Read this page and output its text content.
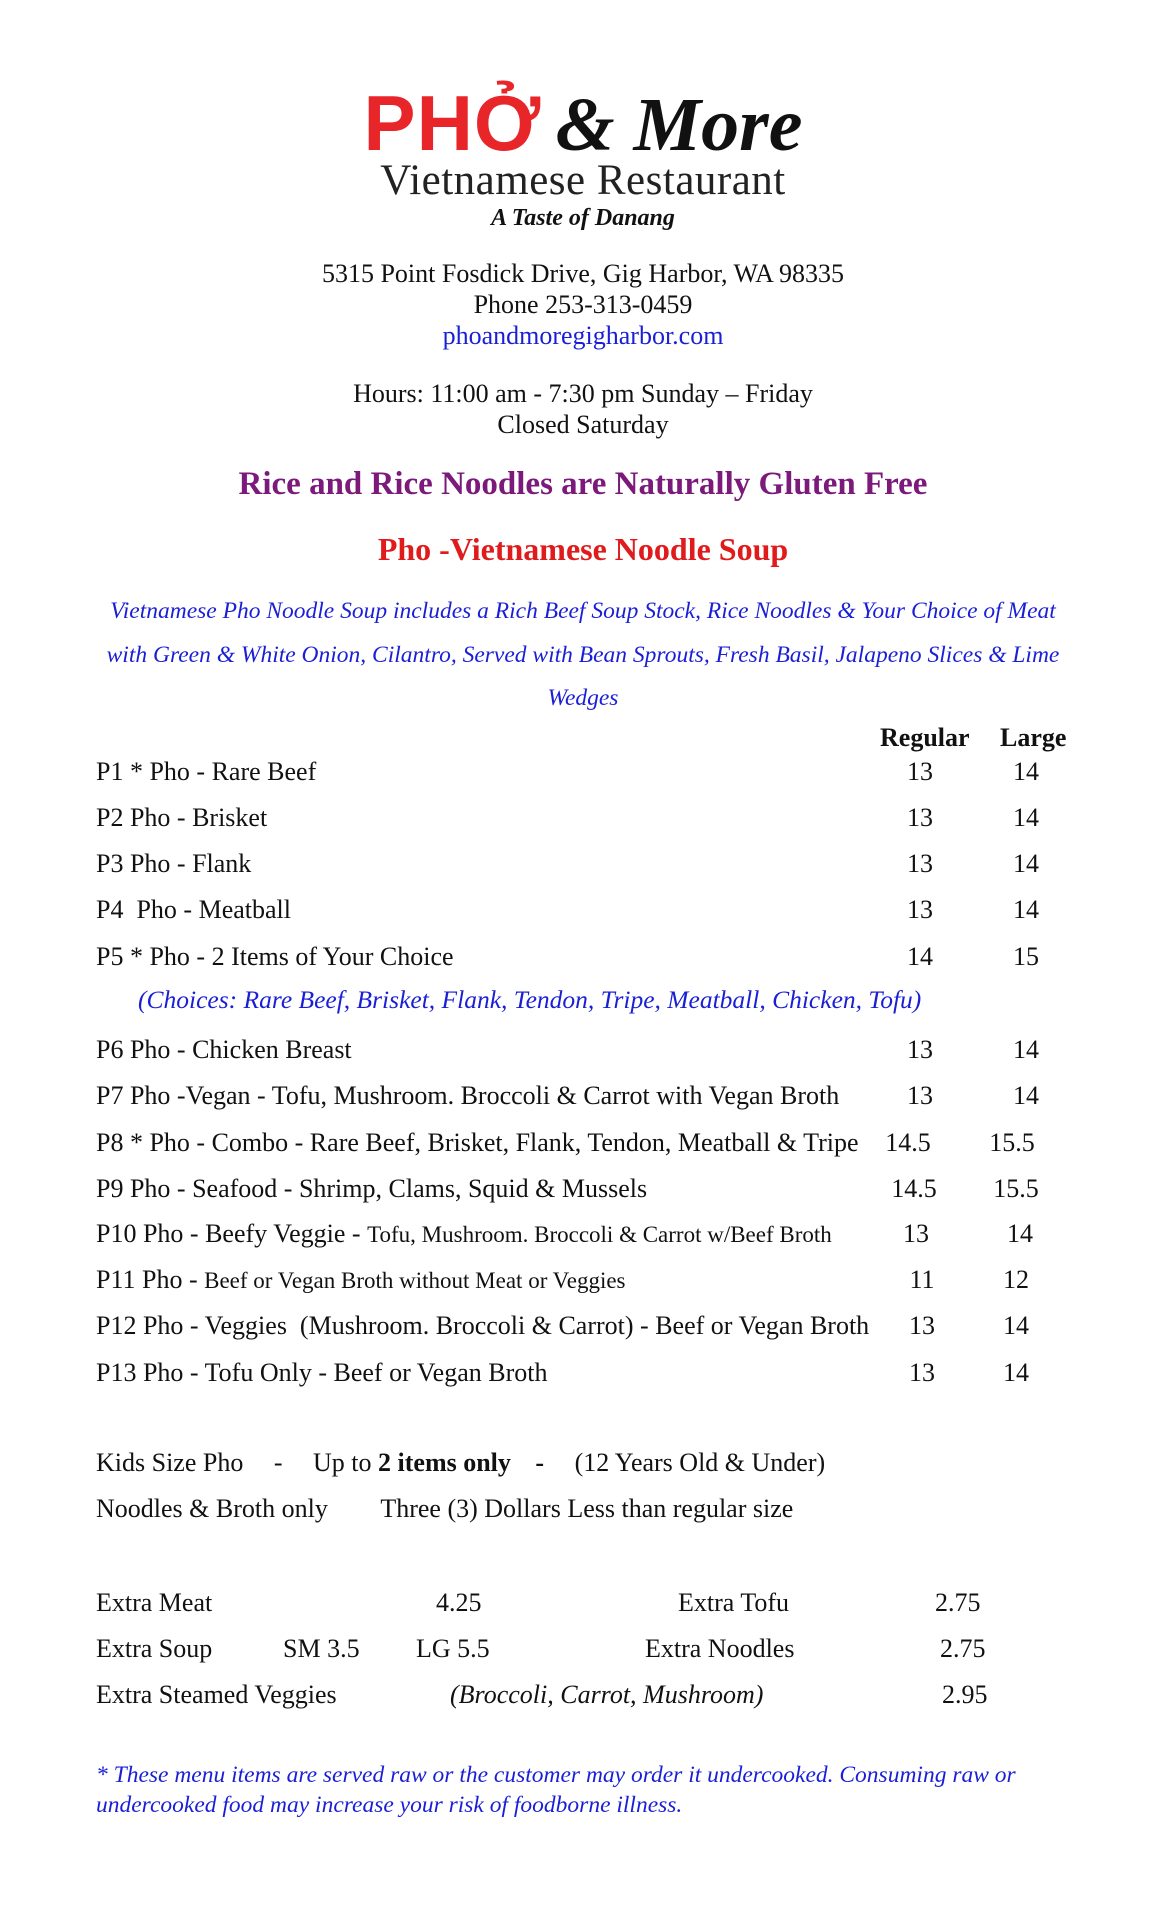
PHỞ & More
Vietnamese Restaurant
A Taste of Danang
5315 Point Fosdick Drive, Gig Harbor, WA 98335
Phone 253-313-0459
phoandmoregigharbor.com
Hours: 11:00 am - 7:30 pm Sunday – Friday
Closed Saturday
Rice and Rice Noodles are Naturally Gluten Free
Pho -Vietnamese Noodle Soup
Vietnamese Pho Noodle Soup includes a Rich Beef Soup Stock, Rice Noodles & Your Choice of Meat with Green & White Onion, Cilantro, Served with Bean Sprouts, Fresh Basil, Jalapeno Slices & Lime Wedges
Regular Large
P1 * Pho - Rare Beef	13	14
P2 Pho - Brisket	13	14
P3 Pho - Flank	13	14
P4  Pho - Meatball	13	14
P5 * Pho - 2 Items of Your Choice	14	15
P6 Pho - Chicken Breast	13	14
P7 Pho -Vegan - Tofu, Mushroom. Broccoli & Carrot with Vegan Broth	13	14
P8 * Pho - Combo - Rare Beef, Brisket, Flank, Tendon, Meatball & Tripe	14.5	15.5
P9 Pho - Seafood - Shrimp, Clams, Squid & Mussels	14.5	15.5
P10 Pho - Beefy Veggie - Tofu, Mushroom. Broccoli & Carrot w/Beef Broth	13	14
P11 Pho - Beef or Vegan Broth without Meat or Veggies	11	12
P12 Pho - Veggies  (Mushroom. Broccoli & Carrot) - Beef or Vegan Broth	13	14
P13 Pho - Tofu Only - Beef or Vegan Broth	13	14
(Choices: Rare Beef, Brisket, Flank, Tendon, Tripe, Meatball, Chicken, Tofu)
Kids Size Pho - Up to 2 items only - (12 Years Old & Under)
Noodles & Broth only Three (3) Dollars Less than regular size
Extra Meat	4.25	Extra Tofu	2.75
Extra Soup	SM 3.5 LG 5.5	Extra Noodles	2.75
Extra Steamed Veggies	(Broccoli, Carrot, Mushroom)	2.95
* These menu items are served raw or the customer may order it undercooked. Consuming raw or undercooked food may increase your risk of foodborne illness.
